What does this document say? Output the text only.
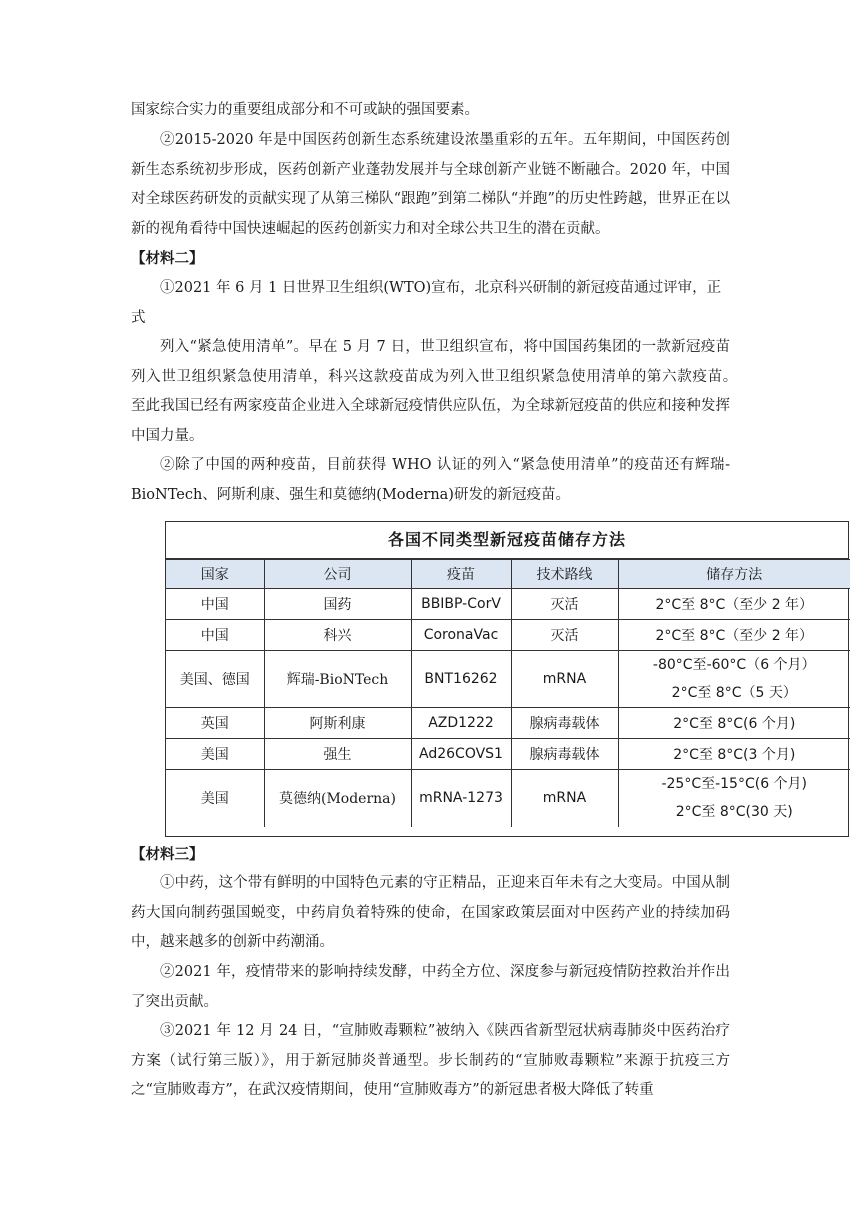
国家综合实力的重要组成部分和不可或缺的强国要素。

②2015-2020 年是中国医药创新生态系统建设浓墨重彩的五年。五年期间，中国医药创新生态系统初步形成，医药创新产业蓬勃发展并与全球创新产业链不断融合。2020 年，中国对全球医药研发的贡献实现了从第三梯队“跟跑”到第二梯队“并跑”的历史性跨越，世界正在以新的视角看待中国快速崛起的医药创新实力和对全球公共卫生的潜在贡献。

【材料二】

①2021 年 6 月 1 日世界卫生组织(WTO)宣布，北京科兴研制的新冠疫苗通过评审，正

式

列入“紧急使用清单”。早在 5 月 7 日，世卫组织宣布，将中国国药集团的一款新冠疫苗列入世卫组织紧急使用清单，科兴这款疫苗成为列入世卫组织紧急使用清单的第六款疫苗。　至此我国已经有两家疫苗企业进入全球新冠疫情供应队伍，为全球新冠疫苗的供应和接种发挥中国力量。

②除了中国的两种疫苗，目前获得 WHO 认证的列入“紧急使用清单”的疫苗还有辉瑞-BioNTech、阿斯利康、强生和莫德纳(Moderna)研发的新冠疫苗。

各国不同类型新冠疫苗储存方法
国家	公司	疫苗	技术路线	储存方法
中国	国药	BBIBP-CorV	灭活	2°C至 8°C（至少 2 年）
中国	科兴	CoronaVac	灭活	2°C至 8°C（至少 2 年）
美国、德国	辉瑞-BioNTech	BNT16262	mRNA	-80°C至-60°C（6 个月）
2°C至 8°C（5 天）

英国	阿斯利康	AZD1222	腺病毒载体	2°C至 8°C(6 个月)
美国	强生	Ad26COVS1	腺病毒载体	2°C至 8°C(3 个月)
美国	莫德纳(Moderna)	mRNA-1273	mRNA	-25°C至-15°C(6 个月)
2°C至 8°C(30 天)

【材料三】

①中药，这个带有鲜明的中国特色元素的守正精品，正迎来百年未有之大变局。中国从制药大国向制药强国蜕变，中药肩负着特殊的使命，在国家政策层面对中医药产业的持续加码中，越来越多的创新中药潮涌。

②2021 年，疫情带来的影响持续发酵，中药全方位、深度参与新冠疫情防控救治并作出了突出贡献。

③2021 年 12 月 24 日，“宣肺败毒颗粒”被纳入《陕西省新型冠状病毒肺炎中医药治疗方案（试行第三版）》，用于新冠肺炎普通型。步长制药的“宣肺败毒颗粒”来源于抗疫三方之“宣肺败毒方”，在武汉疫情期间，使用“宣肺败毒方”的新冠患者极大降低了转重
